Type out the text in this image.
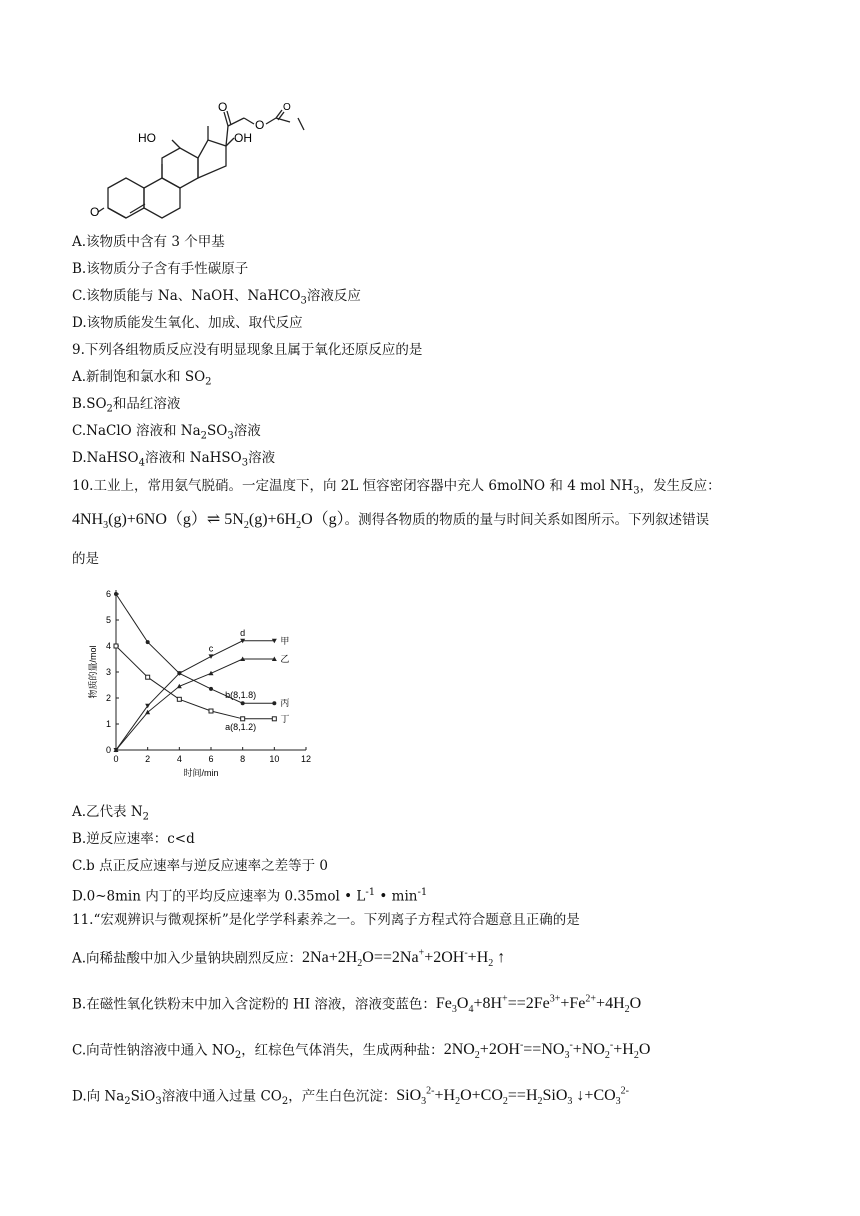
HO	OH
O
O
O
O
A.该物质中含有 3 个甲基
B.该物质分子含有手性碳原子
C.该物质能与 Na、NaOH、NaHCO$_3$溶液反应
D.该物质能发生氧化、加成、取代反应
9.下列各组物质反应没有明显现象且属于氧化还原反应的是
A.新制饱和氯水和 $SO_2$
$B.SO_2$和品红溶液
C.NaClO 溶液和 $Na_2SO_3$溶液
D.NaHSO$_4$溶液和 NaHSO$_3$溶液
10.工业上，常用氨气脱硝。一定温度下，向 2L 恒容密闭容器中充人 6molNO 和 4 mol $NH_3$，发生反应：
$4NH_3(g)+6NO(g)\rightleftharpoons$ $5N_2(g)+6H_2O(g)$。测得各物质的物质的量与时间关系如图所示。下列叙述错误
的是
0	2	4	6	8	10 12
0
1
2
3
4
5
6
时间/min
物质的量/mol
甲
乙
丙
丁
c
d
b(8,1.8)
a(8,1.2)
A.乙代表 $N_2$
B.逆反应速率：c<d
C.b 点正反应速率与逆反应速率之差等于 0
D.0~8min 内丁的平均反应速率为 0.35mol • $L^{-1}$ • $\min^{-1}$
11.“宏观辨识与微观探析”是化学学科素养之一。下列离子方程式符合题意且正确的是
A.向稀盐酸中加入少量钠块剧烈反应：$2Na+2H_2O==2Na^++2OH^-+H_2$ ↑
B.在磁性氧化铁粉末中加入含淀粉的 HI 溶液，溶液变蓝色：$Fe_3O_4+8H^+==2Fe^{3+}+Fe^{2+}+4H_2O$
C.向苛性钠溶液中通入 $NO_2$，红棕色气体消失，生成两种盐：$2NO_2+2OH^-==NO_3^-+NO_2^-+H_2O$
D.向 $Na_2SiO_3$溶液中通入过量 $CO_2$，产生白色沉淀：$SiO_3^{2-}+H_2O+CO_2==H_2SiO_3$ $↓+CO_3^{2-}$
